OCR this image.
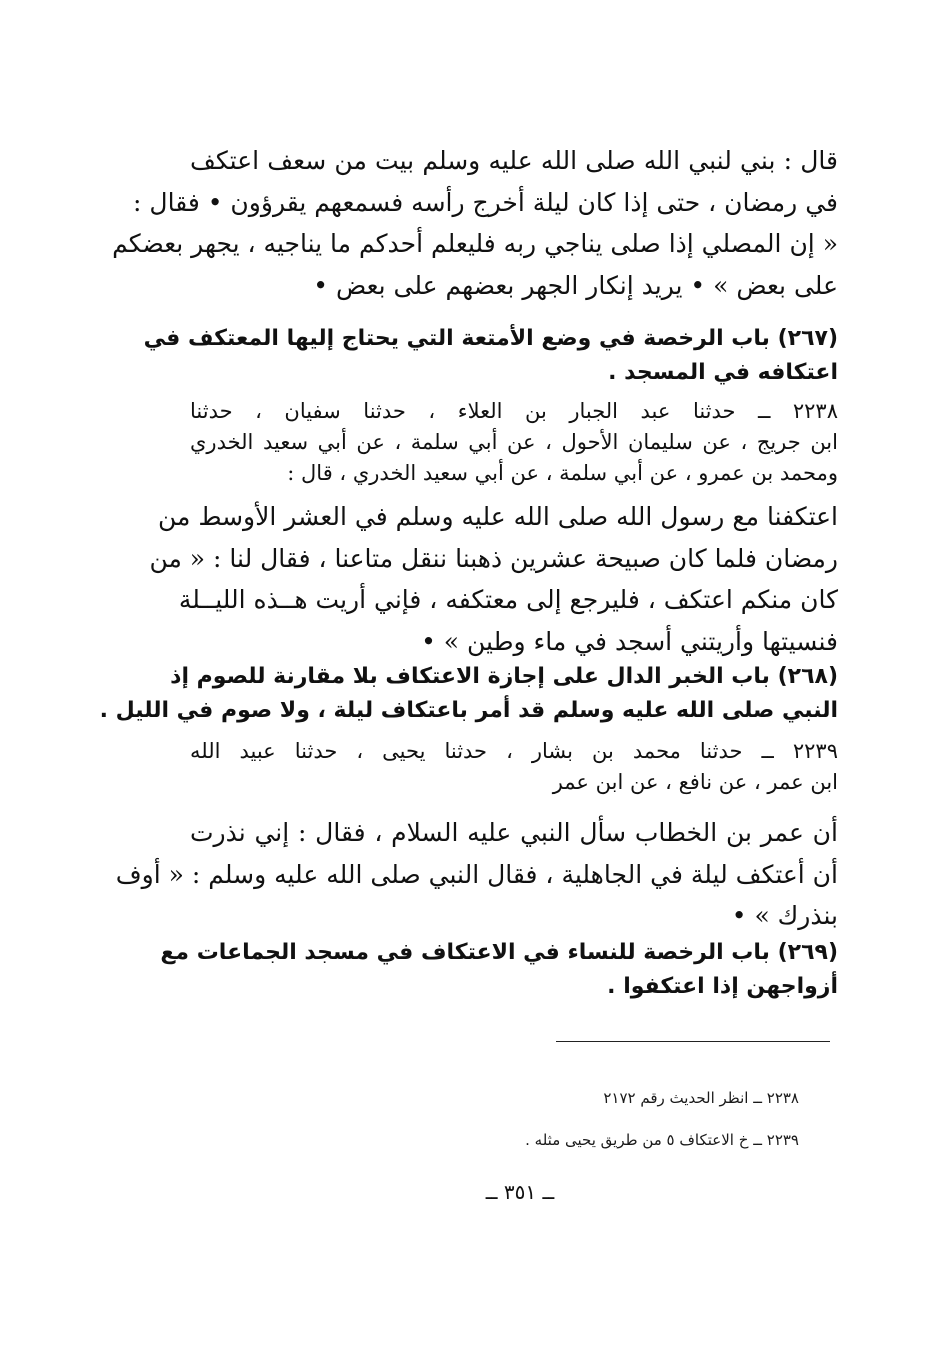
قال : بني لنبي الله صلى الله عليه وسلم بيت من سعف اعتكف
في رمضان ، حتى إذا كان ليلة أخرج رأسه فسمعهم يقرؤون • فقال :
« إن المصلي إذا صلى يناجي ربه فليعلم أحدكم ما يناجيه ، يجهر بعضكم
على بعض » • يريد إنكار الجهر بعضهم على بعض •
(٢٦٧) باب الرخصة في وضع الأمتعة التي يحتاج إليها المعتكف في
اعتكافه في المسجد .
٢٢٣٨ ــ حدثنا عبد الجبار بن العلاء ، حدثنا سفيان ، حدثنا
ابن جريج ، عن سليمان الأحول ، عن أبي سلمة ، عن أبي سعيد الخدري
ومحمد بن عمرو ، عن أبي سلمة ، عن أبي سعيد الخدري ، قال :
اعتكفنا مع رسول الله صلى الله عليه وسلم في العشر الأوسط من
رمضان فلما كان صبيحة عشرين ذهبنا ننقل متاعنا ، فقال لنا : « من
كان منكم اعتكف ، فليرجع إلى معتكفه ، فإني أريت هــذه الليــلة
فنسيتها وأريتني أسجد في ماء وطين » •
(٢٦٨) باب الخبر الدال على إجازة الاعتكاف بلا مقارنة للصوم إذ
النبي صلى الله عليه وسلم قد أمر باعتكاف ليلة ، ولا صوم في الليل .
٢٢٣٩ ــ حدثنا محمد بن بشار ، حدثنا يحيى ، حدثنا عبيد الله
ابن عمر ، عن نافع ، عن ابن عمر
أن عمر بن الخطاب سأل النبي عليه السلام ، فقال : إني نذرت
أن أعتكف ليلة في الجاهلية ، فقال النبي صلى الله عليه وسلم : « أوف
بنذرك » •
(٢٦٩) باب الرخصة للنساء في الاعتكاف في مسجد الجماعات مع
أزواجهن إذا اعتكفوا .
٢٢٣٨ ــ انظر الحديث رقم ٢١٧٢
٢٢٣٩ ــ خ الاعتكاف ٥ من طريق يحيى مثله .
ــ ٣٥١ ــ
